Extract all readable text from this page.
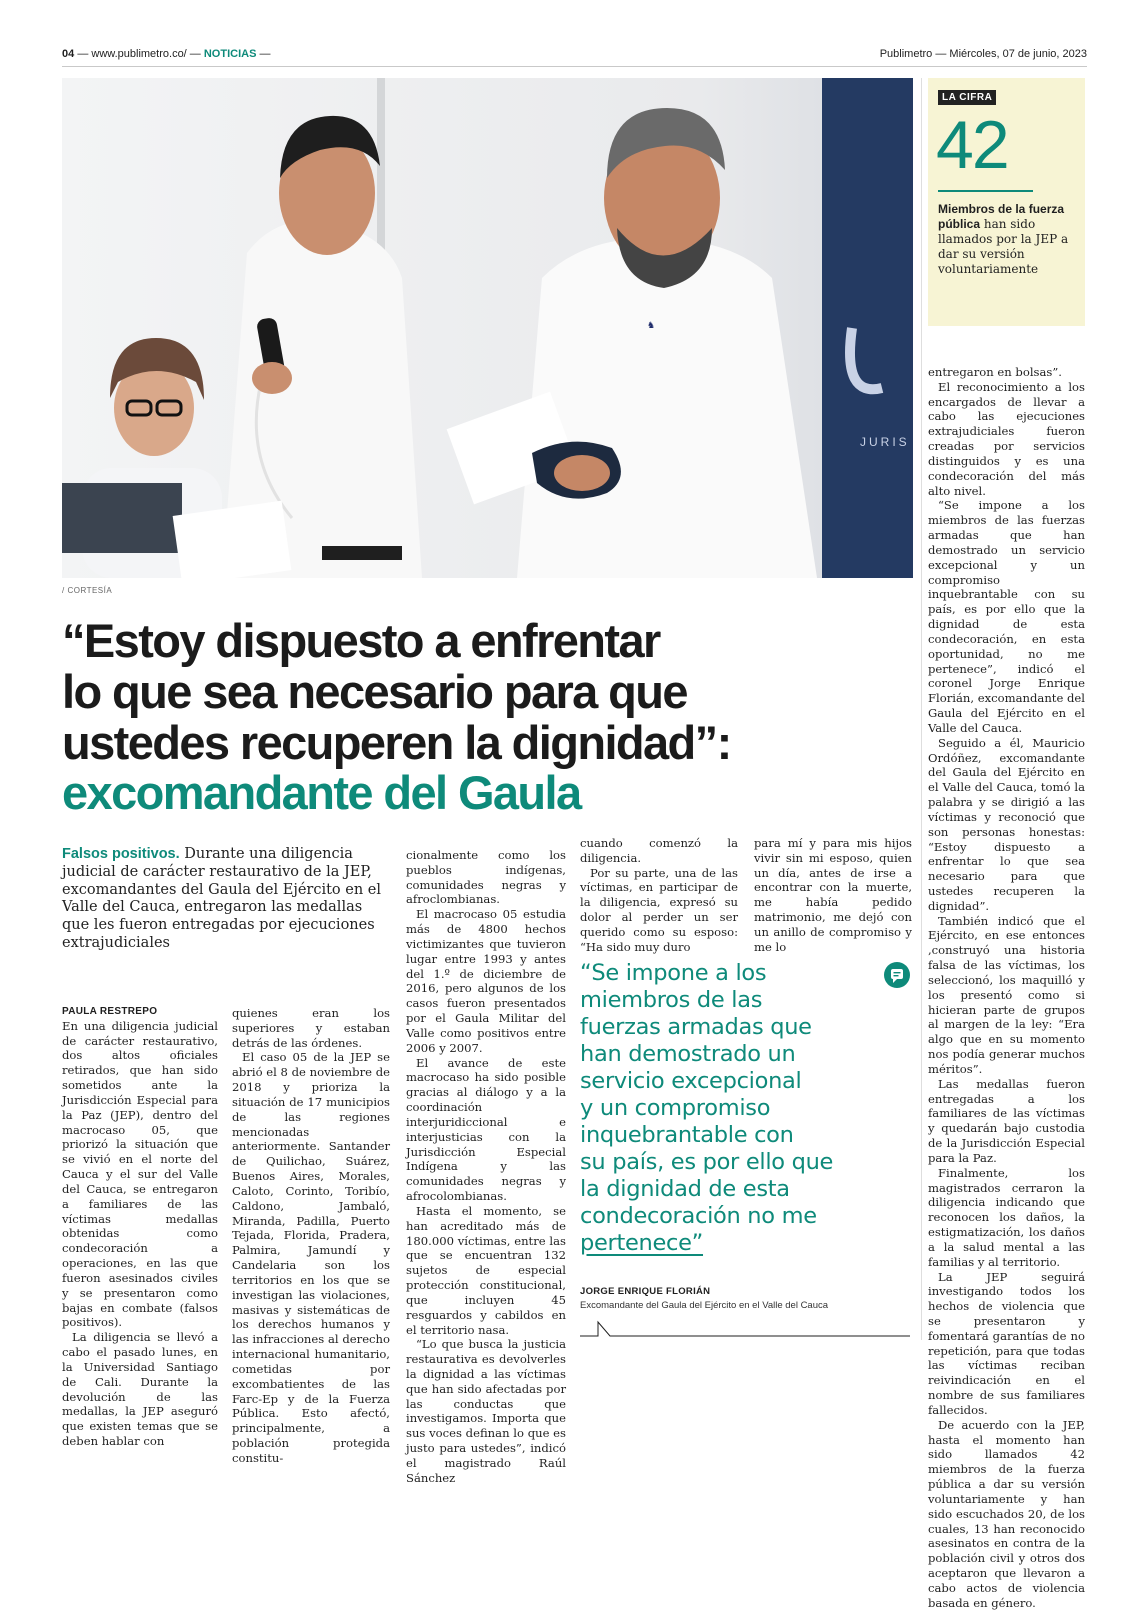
04 — www.publimetro.co/ — NOTICIAS —	Publimetro — Miércoles, 07 de junio, 2023
JURIS
♞
/ CORTESÍA
LA CIFRA
42
Miembros de la fuerza pública han sido llamados por la JEP a dar su versión voluntariamente
“Estoy dispuesto a enfrentar
lo que sea necesario para que
ustedes recuperen la dignidad”:
excomandante del Gaula
Falsos positivos. Durante una diligencia judicial de carácter restaurativo de la JEP, excomandantes del Gaula del Ejército en el Valle del Cauca, entregaron las medallas que les fueron entregadas por ejecuciones extrajudiciales

PAULA RESTREPO

En una diligencia judicial de carácter restaurativo, dos altos oficiales retirados, que han sido sometidos ante la Jurisdicción Especial para la Paz (JEP), dentro del macrocaso 05, que priorizó la situación que se vivió en el norte del Cauca y el sur del Valle del Cauca, se entregaron a familiares de las víctimas medallas obtenidas como condecoración a operaciones, en las que fueron asesinados civiles y se presentaron como bajas en combate (falsos positivos).

La diligencia se llevó a cabo el pasado lunes, en la Universidad Santiago de Cali. Durante la devolución de las medallas, la JEP aseguró que existen temas que se deben hablar con

quienes eran los superiores y estaban detrás de las órdenes.

El caso 05 de la JEP se abrió el 8 de noviembre de 2018 y prioriza la situación de 17 municipios de las regiones mencionadas anteriormente. Santander de Quilichao, Suárez, Buenos Aires, Morales, Caloto, Corinto, Toribío, Caldono, Jambaló, Miranda, Padilla, Puerto Tejada, Florida, Pradera, Palmira, Jamundí y Candelaria son los territorios en los que se investigan las violaciones, masivas y sistemáticas de los derechos humanos y las infracciones al derecho internacional humanitario, cometidas por excombatientes de las Farc-Ep y de la Fuerza Pública. Esto afectó, principalmente, a población protegida constitu-

cionalmente como los pueblos indígenas, comunidades negras y afroclombianas.

El macrocaso 05 estudia más de 4800 hechos victimizantes que tuvieron lugar entre 1993 y antes del 1.º de diciembre de 2016, pero algunos de los casos fueron presentados por el Gaula Militar del Valle como positivos entre 2006 y 2007.

El avance de este macrocaso ha sido posible gracias al diálogo y a la coordinación interjuridiccional e interjusticias con la Jurisdicción Especial Indígena y las comunidades negras y afrocolombianas.

Hasta el momento, se han acreditado más de 180.000 víctimas, entre las que se encuentran 132 sujetos de especial protección constitucional, que incluyen 45 resguardos y cabildos en el territorio nasa.

“Lo que busca la justicia restaurativa es devolverles la dignidad a las víctimas que han sido afectadas por las conductas que investigamos. Importa que sus voces definan lo que es justo para ustedes”, indicó el magistrado Raúl Sánchez

cuando comenzó la diligencia.

Por su parte, una de las víctimas, en participar de la diligencia, expresó su dolor al perder un ser querido como su esposo: “Ha sido muy duro

para mí y para mis hijos vivir sin mi esposo, quien un día, antes de irse a encontrar con la muerte, me había pedido matrimonio, me dejó con un anillo de compromiso y me lo

“Se impone a los
miembros de las
fuerzas armadas que
han demostrado un
servicio excepcional
y un compromiso
inquebrantable con
su país, es por ello que
la dignidad de esta
condecoración no me
pertenece”
JORGE ENRIQUE FLORIÁN
Excomandante del Gaula del Ejército en el Valle del Cauca

entregaron en bolsas”.

El reconocimiento a los encargados de llevar a cabo las ejecuciones extrajudiciales fueron creadas por servicios distinguidos y es una condecoración del más alto nivel.

“Se impone a los miembros de las fuerzas armadas que han demostrado un servicio excepcional y un compromiso inquebrantable con su país, es por ello que la dignidad de esta condecoración, en esta oportunidad, no me pertenece”, indicó el coronel Jorge Enrique Florián, excomandante del Gaula del Ejército en el Valle del Cauca.

Seguido a él, Mauricio Ordóñez, excomandante del Gaula del Ejército en el Valle del Cauca, tomó la palabra y se dirigió a las víctimas y reconoció que son personas honestas: “Estoy dispuesto a enfrentar lo que sea necesario para que ustedes recuperen la dignidad”.

También indicó que el Ejército, en ese entonces ,construyó una historia falsa de las víctimas, los seleccionó, los maquilló y los presentó como si hicieran parte de grupos al margen de la ley: “Era algo que en su momento nos podía generar muchos méritos”.

Las medallas fueron entregadas a los familiares de las víctimas y quedarán bajo custodia de la Jurisdicción Especial para la Paz.

Finalmente, los magistrados cerraron la diligencia indicando que reconocen los daños, la estigmatización, los daños a la salud mental a las familias y al territorio.

La JEP seguirá investigando todos los hechos de violencia que se presentaron y fomentará garantías de no repetición, para que todas las víctimas reciban reivindicación en el nombre de sus familiares fallecidos.

De acuerdo con la JEP, hasta el momento han sido llamados 42 miembros de la fuerza pública a dar su versión voluntariamente y han sido escuchados 20, de los cuales, 13 han reconocido asesinatos en contra de la población civil y otros dos aceptaron que llevaron a cabo actos de violencia basada en género.
